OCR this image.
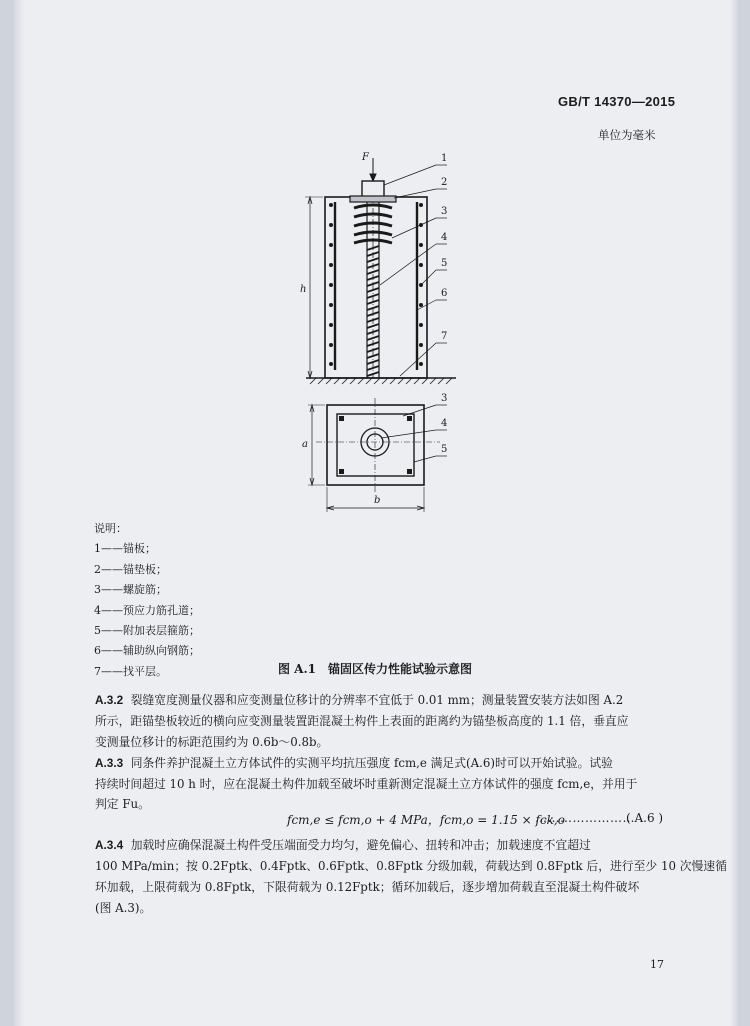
GB/T 14370—2015
单位为毫米
F
h
a
b
1
2
3
4
5
6
7
3
4
5
说明：
1——锚板；
2——锚垫板；
3——螺旋筋；
4——预应力筋孔道；
5——附加表层箍筋；
6——辅助纵向钢筋；
7——找平层。	图 A.1　锚固区传力性能试验示意图
A.3.2 裂缝宽度测量仪器和应变测量位移计的分辨率不宜低于 0.01 mm；测量装置安装方法如图 A.2
所示，距锚垫板较近的横向应变测量装置距混凝土构件上表面的距离约为锚垫板高度的 1.1 倍，垂直应
变测量位移计的标距范围约为 0.6b～0.8b。
A.3.3 同条件养护混凝土立方体试件的实测平均抗压强度 fcm,e 满足式(A.6)时可以开始试验。试验
持续时间超过 10 h 时，应在混凝土构件加载至破坏时重新测定混凝土立方体试件的强度 fcm,e，并用于
判定 Fu。
fcm,e ≤ fcm,o + 4 MPa，fcm,o = 1.15 × fck,o
……………………
( A.6 )
A.3.4 加载时应确保混凝土构件受压端面受力均匀，避免偏心、扭转和冲击；加载速度不宜超过
100 MPa/min；按 0.2Fptk、0.4Fptk、0.6Fptk、0.8Fptk 分级加载，荷载达到 0.8Fptk 后，进行至少 10 次慢速循
环加载，上限荷载为 0.8Fptk，下限荷载为 0.12Fptk；循环加载后，逐步增加荷载直至混凝土构件破坏
(图 A.3)。
17
